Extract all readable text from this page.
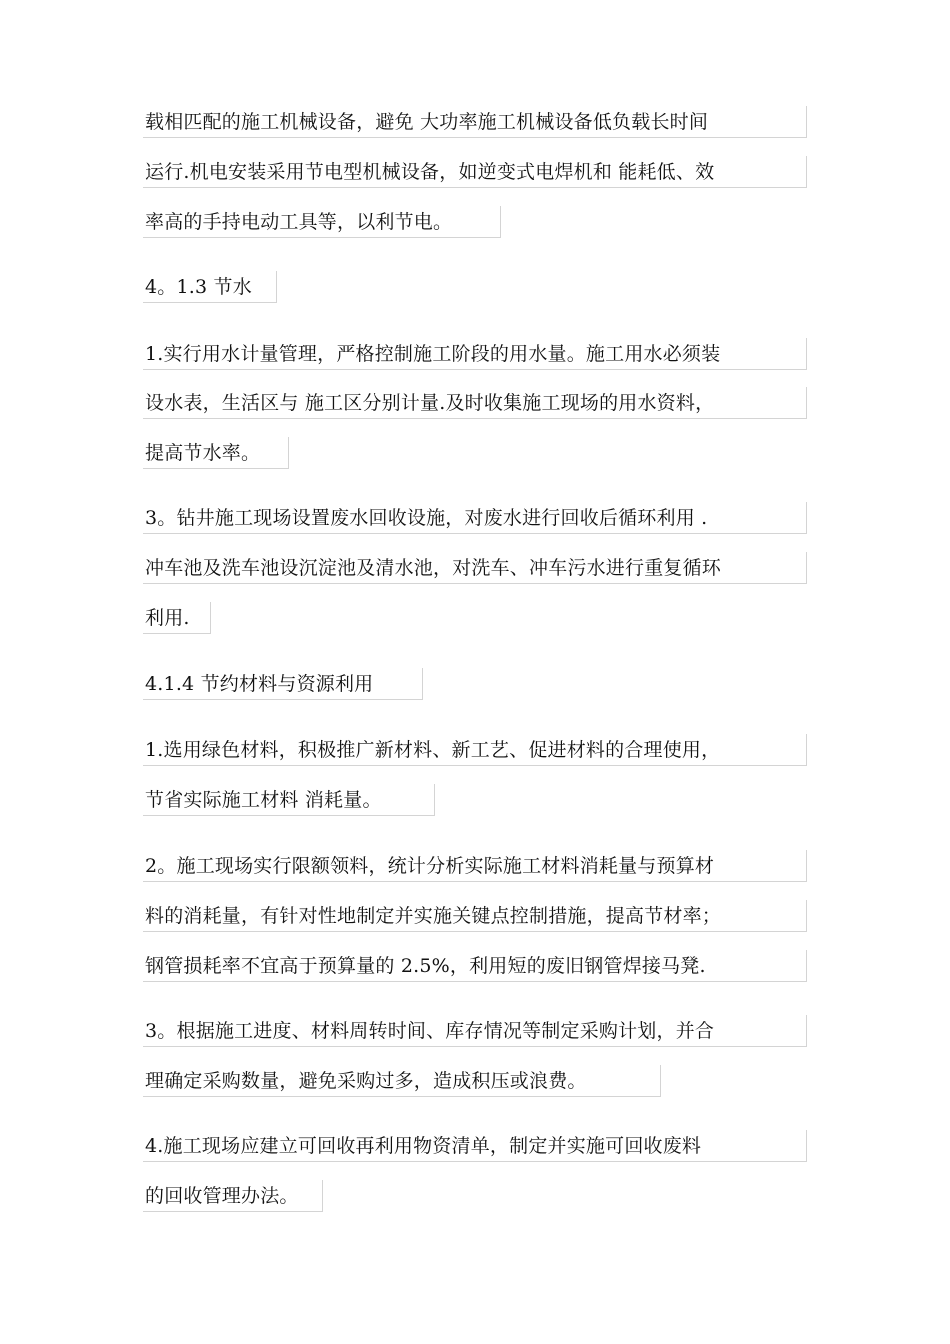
载相匹配的施工机械设备，避免 大功率施工机械设备低负载长时间
运行.机电安装采用节电型机械设备，如逆变式电焊机和 能耗低、效
率高的手持电动工具等，以利节电。
4。1.3 节水
1.实行用水计量管理，严格控制施工阶段的用水量。施工用水必须装
设水表，生活区与 施工区分别计量.及时收集施工现场的用水资料，
提高节水率。
3。钻井施工现场设置废水回收设施，对废水进行回收后循环利用 .
冲车池及洗车池设沉淀池及清水池，对洗车、冲车污水进行重复循环
利用.
4.1.4 节约材料与资源利用
1.选用绿色材料，积极推广新材料、新工艺、促进材料的合理使用，
节省实际施工材料 消耗量。
2。施工现场实行限额领料，统计分析实际施工材料消耗量与预算材
料的消耗量，有针对性地制定并实施关键点控制措施，提高节材率；
钢管损耗率不宜高于预算量的 2.5%，利用短的废旧钢管焊接马凳.
3。根据施工进度、材料周转时间、库存情况等制定采购计划，并合
理确定采购数量，避免采购过多，造成积压或浪费。
4.施工现场应建立可回收再利用物资清单，制定并实施可回收废料
的回收管理办法。
